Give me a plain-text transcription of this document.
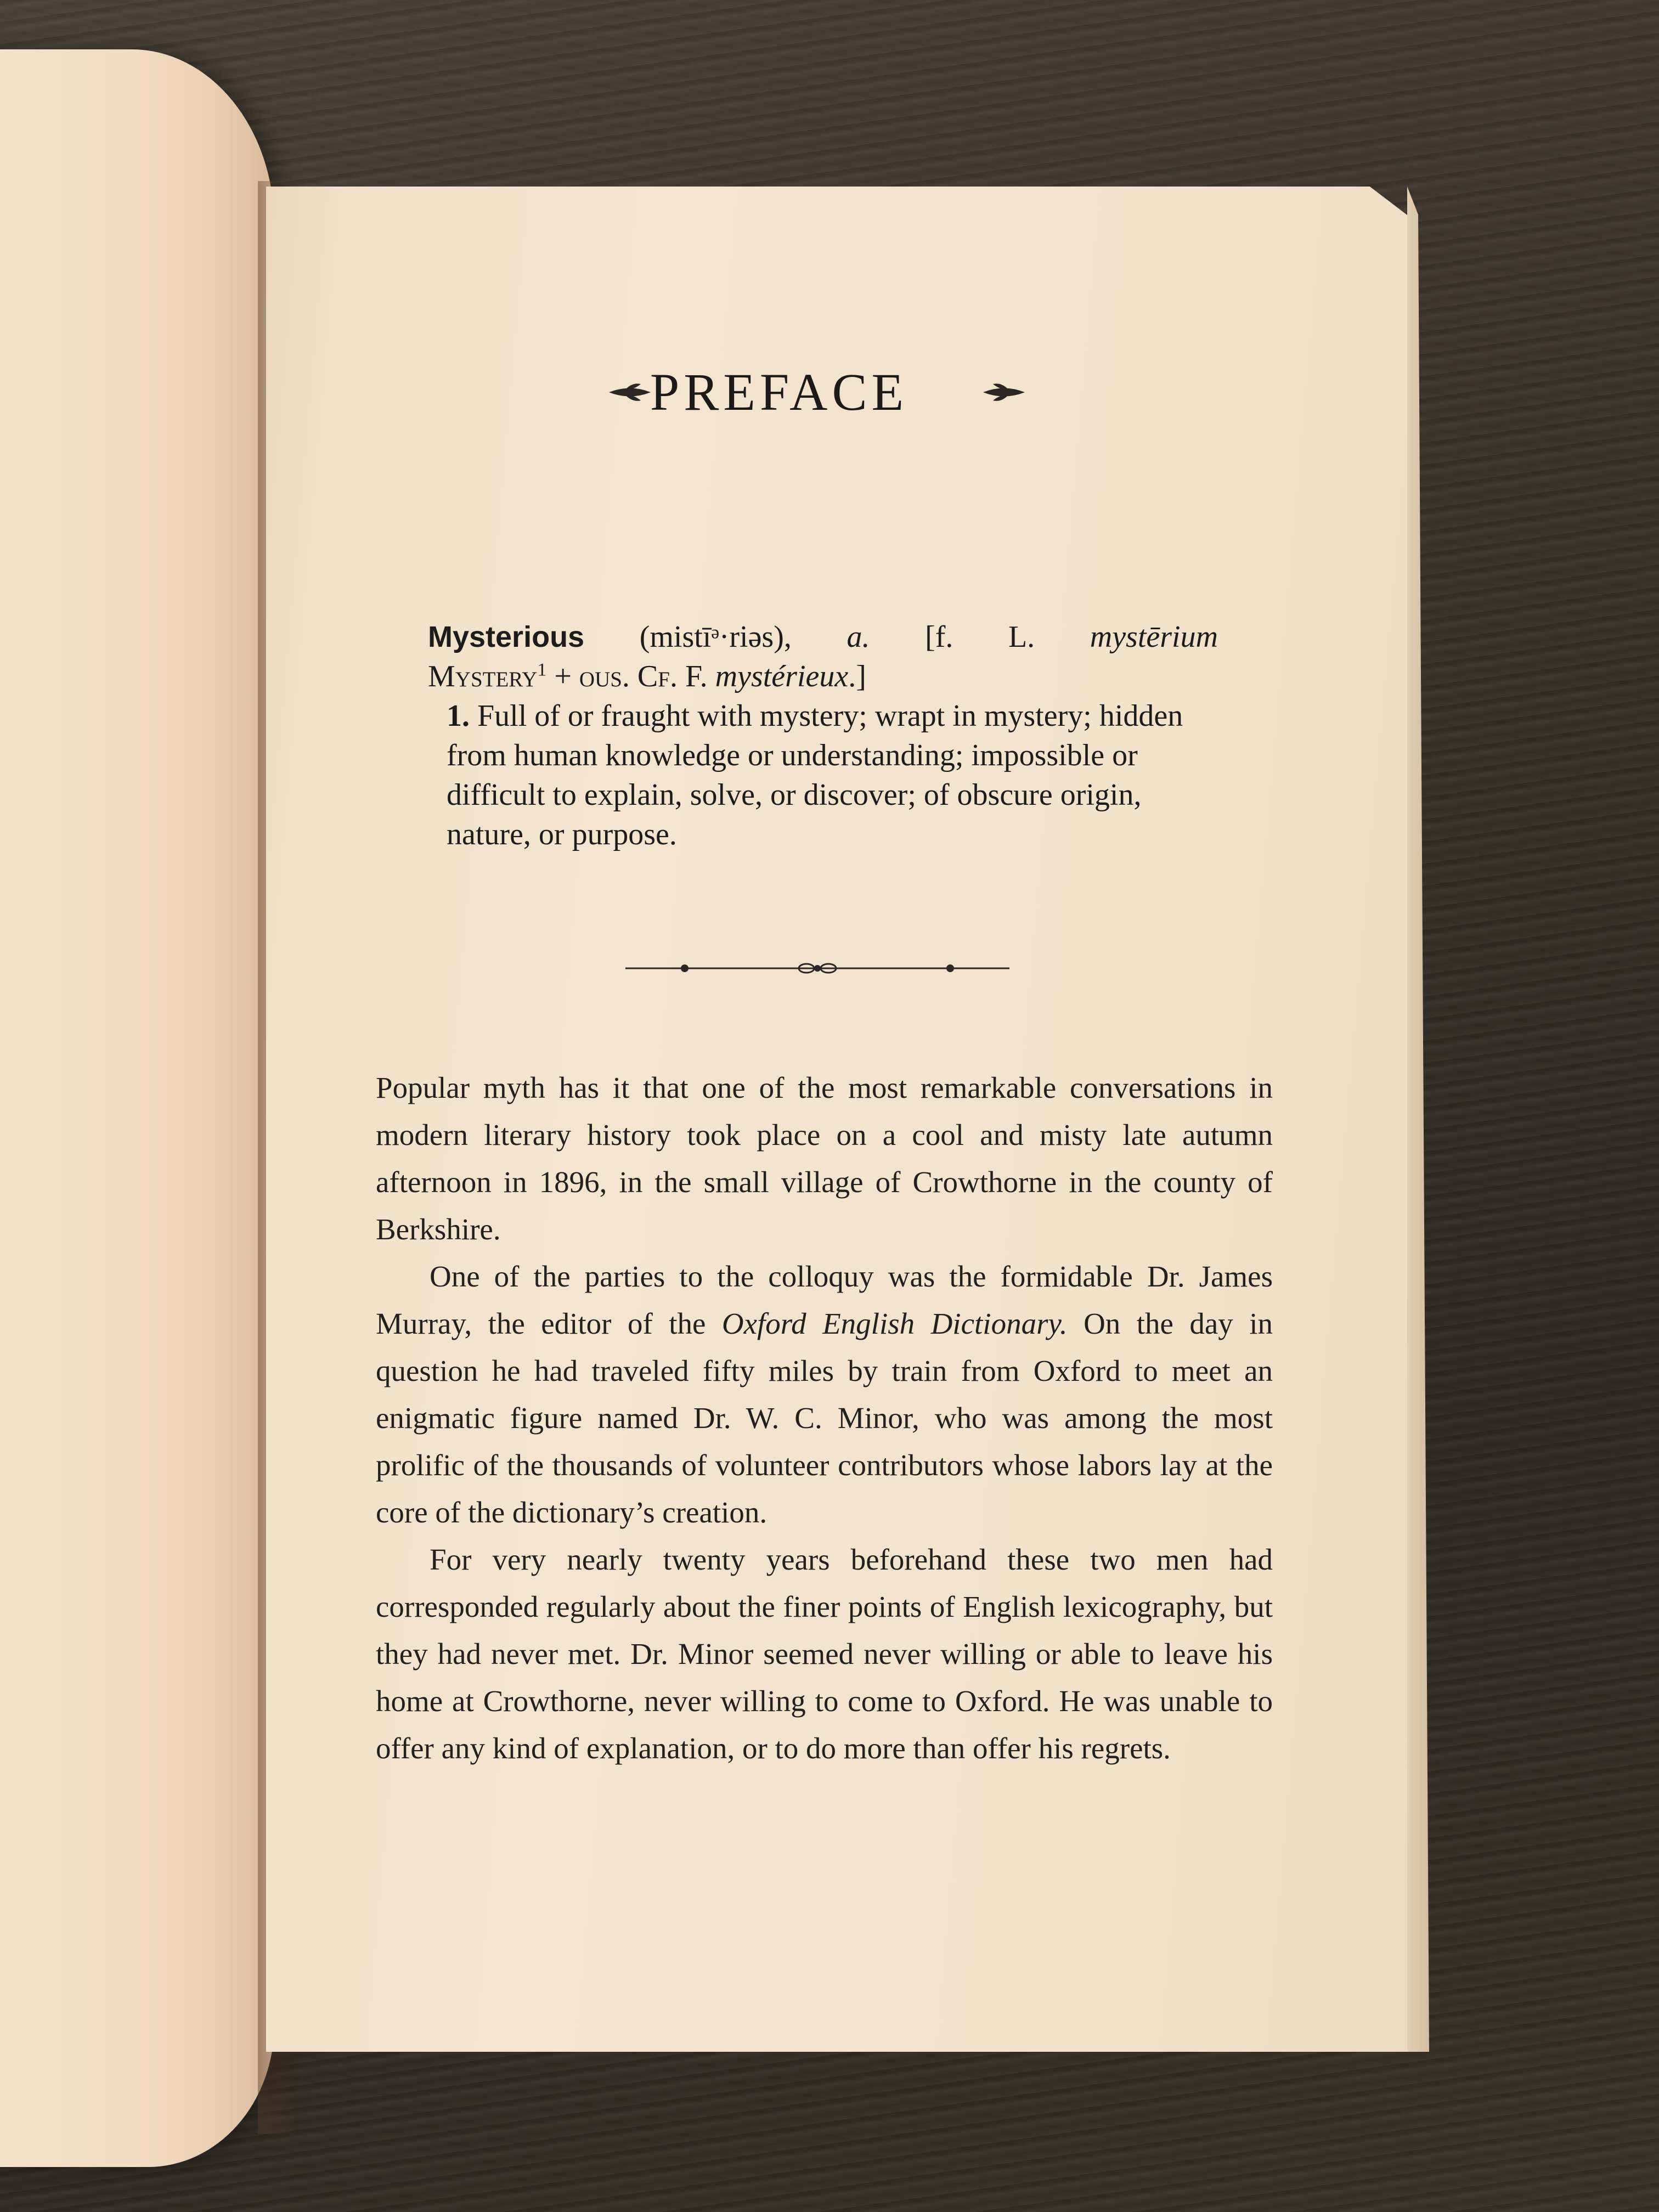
PREFACE

Mysterious (mistīᵊ·riəs), a. [f. L. mystērium

Mystery$^1$ + ous. Cf. F. mystérieux.]

1. Full of or fraught with mystery; wrapt in mystery; hidden from human knowledge or understanding; impossible or difficult to explain, solve, or discover; of obscure origin, nature, or purpose.

Popular myth has it that one of the most remarkable conversations in modern literary history took place on a cool and misty late autumn afternoon in 1896, in the small village of Crowthorne in the county of Berkshire.

One of the parties to the colloquy was the formidable Dr. James Murray, the editor of the Oxford English Dictionary. On the day in question he had traveled fifty miles by train from Oxford to meet an enigmatic figure named Dr. W. C. Minor, who was among the most prolific of the thousands of volunteer contributors whose labors lay at the core of the dictionary’s creation.

For very nearly twenty years beforehand these two men had corresponded regularly about the finer points of English lexicography, but they had never met. Dr. Minor seemed never willing or able to leave his home at Crowthorne, never willing to come to Oxford. He was unable to offer any kind of explanation, or to do more than offer his regrets.
